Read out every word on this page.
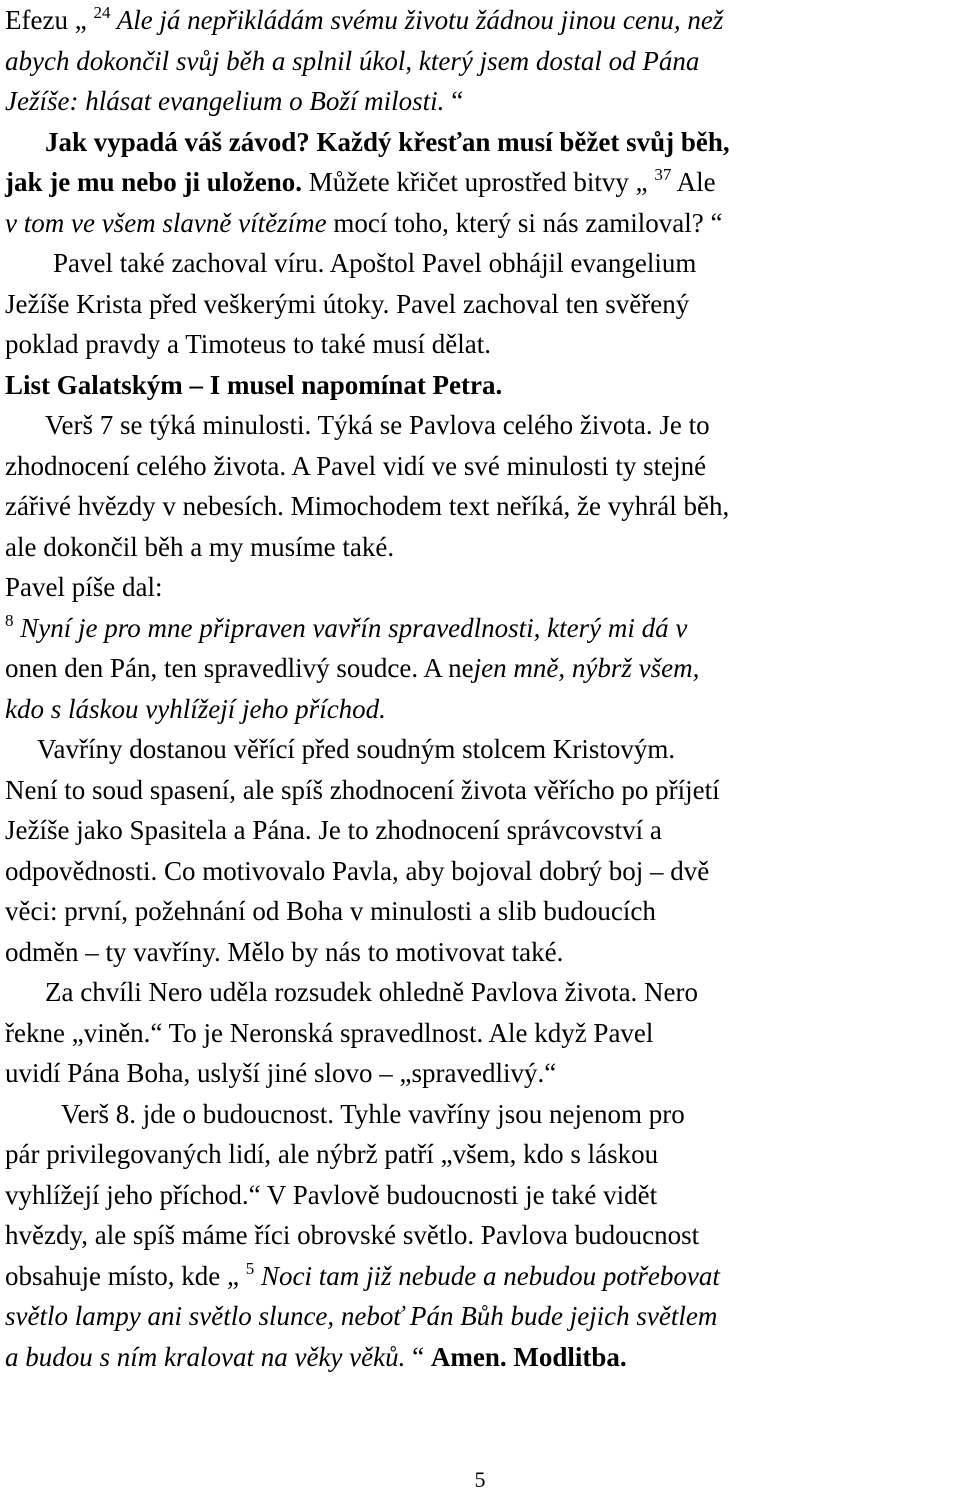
Efezu „ $^{24}$ Ale já nepřikládám svému životu žádnou jinou cenu, než
abych dokončil svůj běh a splnil úkol, který jsem dostal od Pána
Ježíše: hlásat evangelium o Boží milosti. “
Jak vypadá váš závod? Každý křesťan musí běžet svůj běh,
jak je mu nebo ji uloženo. Můžete křičet uprostřed bitvy „ $^{37}$ Ale
v tom ve všem slavně vítězíme mocí toho, který si nás zamiloval? “
Pavel také zachoval víru. Apoštol Pavel obhájil evangelium
Ježíše Krista před veškerými útoky. Pavel zachoval ten svěřený
poklad pravdy a Timoteus to také musí dělat.
List Galatským – I musel napomínat Petra.
Verš 7 se týká minulosti. Týká se Pavlova celého života. Je to
zhodnocení celého života. A Pavel vidí ve své minulosti ty stejné
zářivé hvězdy v nebesích. Mimochodem text neříká, že vyhrál běh,
ale dokončil běh a my musíme také.
Pavel píše dal:
$^8$ Nyní je pro mne připraven vavřín spravedlnosti, který mi dá v
onen den Pán, ten spravedlivý soudce. A nejen mně, nýbrž všem,
kdo s láskou vyhlížejí jeho příchod.
Vavříny dostanou věřící před soudným stolcem Kristovým.
Není to soud spasení, ale spíš zhodnocení života věřícho po příjetí
Ježíše jako Spasitela a Pána. Je to zhodnocení správcovství a
odpovědnosti. Co motivovalo Pavla, aby bojoval dobrý boj – dvě
věci: první, požehnání od Boha v minulosti a slib budoucích
odměn – ty vavříny. Mělo by nás to motivovat také.
Za chvíli Nero uděla rozsudek ohledně Pavlova života. Nero
řekne „viněn.“ To je Neronská spravedlnost. Ale když Pavel
uvidí Pána Boha, uslyší jiné slovo – „spravedlivý.“
Verš 8. jde o budoucnost. Tyhle vavříny jsou nejenom pro
pár privilegovaných lidí, ale nýbrž patří „všem, kdo s láskou
vyhlížejí jeho příchod.“ V Pavlově budoucnosti je také vidět
hvězdy, ale spíš máme říci obrovské světlo. Pavlova budoucnost
obsahuje místo, kde „ $^5$ Noci tam již nebude a nebudou potřebovat
světlo lampy ani světlo slunce, neboť Pán Bůh bude jejich světlem
a budou s ním kralovat na věky věků. “ Amen. Modlitba.
5
